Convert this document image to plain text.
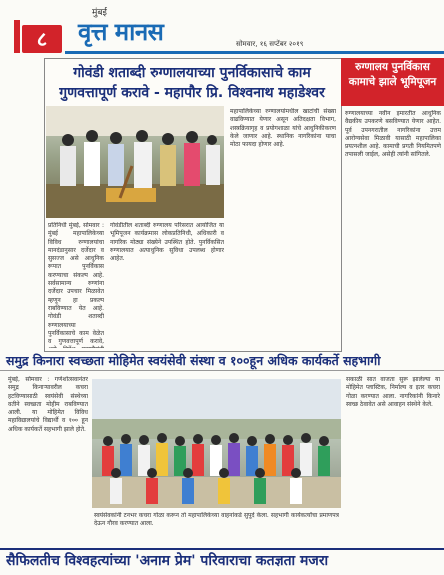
८
मुंबई
वृत्त मानस	सोमवार, १६ सप्टेंबर २०१९
गोवंडी शताब्दी रुग्णालयाच्या पुनर्विकासाचे काम गुणवत्तापूर्ण करावे - महापौर प्रि. विश्वनाथ महाडेश्वर
प्रतिनिधी मुंबई, सोमवार : मुंबई महापालिकेच्या विविध रुग्णालयांचा मानदंडानुसार दर्जेदार व सुसज्ज असे आधुनिक रूपात पुनर्विकास करण्याचा संकल्प आहे. सर्वसामान्य रुग्णांना दर्जेदार उपचार मिळावेत म्हणून हा प्रकल्प राबविण्यात येत आहे. गोवंडी शताब्दी रुग्णालयाच्या पुनर्विकासाचे काम वेळेत व गुणवत्तापूर्ण करावे,
गोवंडीतील शताब्दी रुग्णालय परिसरात आयोजित या भूमिपूजन कार्यक्रमास लोकप्रतिनिधी, अधिकारी व नागरिक मोठ्या संख्येने उपस्थित होते. पुनर्विकसित रुग्णालयात अत्याधुनिक सुविधा उपलब्ध होणार आहेत.
महापालिकेच्या रुग्णालयांमधील खाटांची संख्या वाढविण्यात येणार असून अतिदक्षता विभाग, शस्त्रक्रियागृह व प्रयोगशाळा यांचे आधुनिकीकरण केले जाणार आहे. स्थानिक नागरिकांना याचा मोठा फायदा होणार आहे.
रुग्णालय पुनर्विकास कामाचे झाले भूमिपूजन
रुग्णालयाच्या नवीन इमारतीत आधुनिक वैद्यकीय उपकरणे बसविण्यात येणार आहेत. पूर्व उपनगरातील नागरिकांना उत्तम आरोग्यसेवा मिळावी यासाठी महापालिका प्रयत्नशील आहे. कामाची प्रगती नियमितपणे तपासली जाईल, असेही त्यांनी सांगितले.
समुद्र किनारा स्वच्छता मोहिमेत स्वयंसेवी संस्था व १००हून अधिक कार्यकर्ते सहभागी
मुंबई, सोमवार : गणेशोत्सवानंतर समुद्र किनाऱ्यावरील कचरा हटविण्यासाठी स्वयंसेवी संस्थेच्या वतीने स्वच्छता मोहीम राबविण्यात आली. या मोहिमेत विविध महाविद्यालयांचे विद्यार्थी व १०० हून अधिक कार्यकर्ते सहभागी झाले होते.
स्वयंसेवकांनी टनभर कचरा गोळा करून तो महापालिकेच्या वाहनांकडे सुपूर्द केला. सहभागी कार्यकर्त्यांचा प्रमाणपत्र देऊन गौरव करण्यात आला.
सकाळी सात वाजता सुरू झालेल्या या मोहिमेत प्लास्टिक, निर्माल्य व इतर कचरा गोळा करण्यात आला. नागरिकांनी किनारे स्वच्छ ठेवावेत असे आवाहन संस्थेने केले.
सैफिलतीच विश्वहत्यांच्या 'अनाम प्रेम' परिवाराचा कतज्ञता मजरा
